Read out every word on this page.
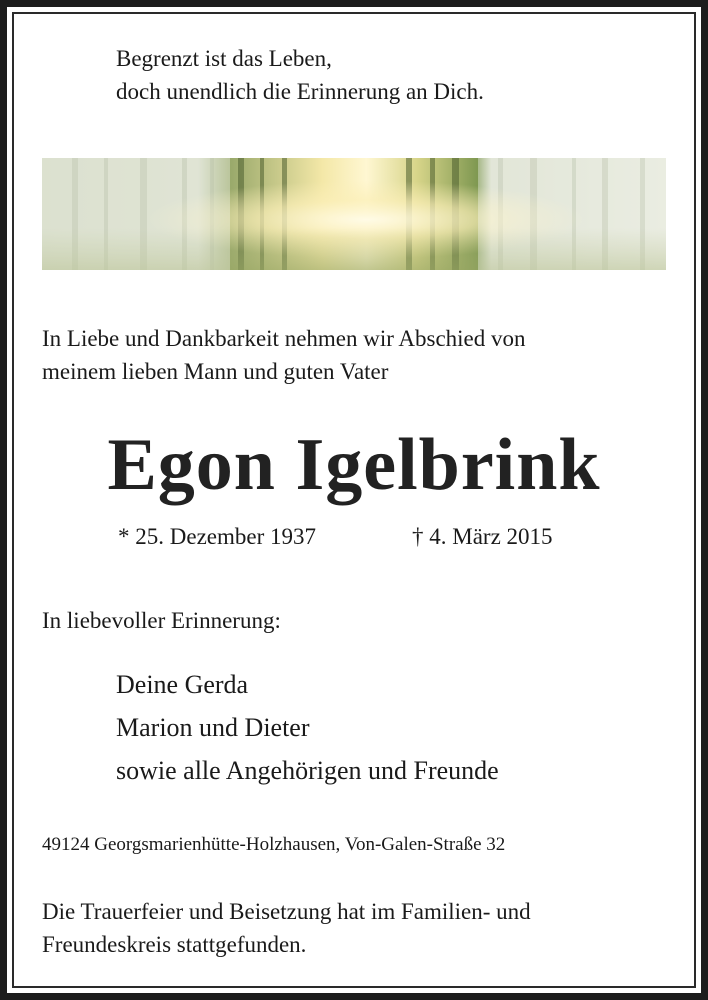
Begrenzt ist das Leben,
doch unendlich die Erinnerung an Dich.

In Liebe und Dankbarkeit nehmen wir Abschied von
meinem lieben Mann und guten Vater

Egon Igelbrink

* 25. Dezember 1937	† 4. März 2015

In liebevoller Erinnerung:

Deine Gerda

Marion und Dieter

sowie alle Angehörigen und Freunde

49124 Georgsmarienhütte-Holzhausen, Von-Galen-Straße 32

Die Trauerfeier und Beisetzung hat im Familien- und
Freundeskreis stattgefunden.
